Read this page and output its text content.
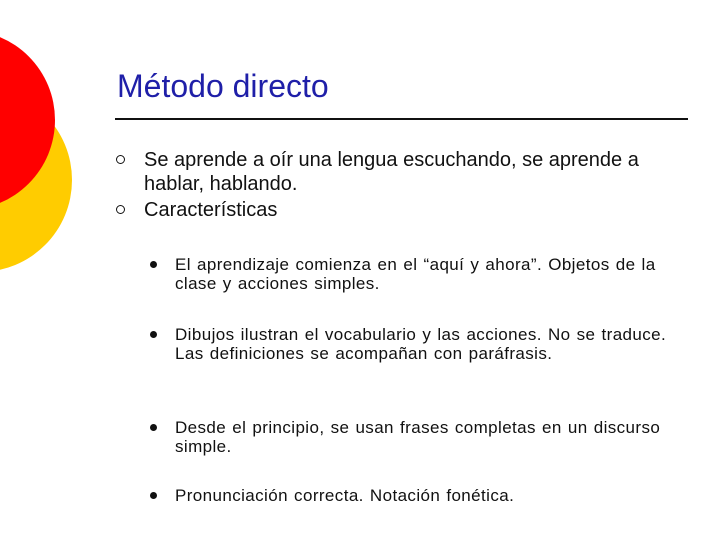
Método directo
Se aprende a oír una lengua escuchando, se aprende a hablar, hablando.
Características
El aprendizaje comienza en el “aquí y ahora”. Objetos de la clase y acciones simples.
Dibujos ilustran el vocabulario y las acciones. No se traduce. Las definiciones se acompañan con paráfrasis.
Desde el principio, se usan frases completas en un discurso simple.
Pronunciación correcta. Notación fonética.
